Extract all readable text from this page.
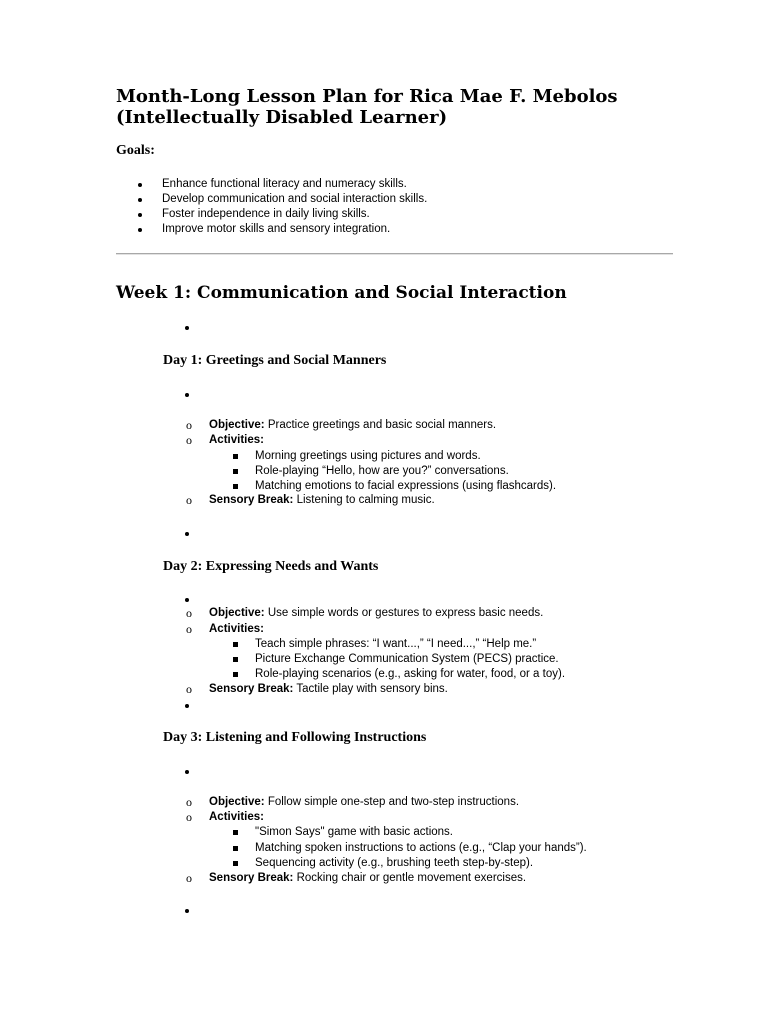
Month-Long Lesson Plan for Rica Mae F. Mebolos (Intellectually Disabled Learner)
Goals:
Enhance functional literacy and numeracy skills.
Develop communication and social interaction skills.
Foster independence in daily living skills.
Improve motor skills and sensory integration.
Week 1: Communication and Social Interaction
Day 1: Greetings and Social Manners
o Objective: Practice greetings and basic social manners.
o Activities:
Morning greetings using pictures and words.
Role-playing “Hello, how are you?” conversations.
Matching emotions to facial expressions (using flashcards).
o Sensory Break: Listening to calming music.
Day 2: Expressing Needs and Wants
o Objective: Use simple words or gestures to express basic needs.
o Activities:
Teach simple phrases: “I want...,” “I need...,” “Help me.”
Picture Exchange Communication System (PECS) practice.
Role-playing scenarios (e.g., asking for water, food, or a toy).
o Sensory Break: Tactile play with sensory bins.
Day 3: Listening and Following Instructions
o Objective: Follow simple one-step and two-step instructions.
o Activities:
"Simon Says" game with basic actions.
Matching spoken instructions to actions (e.g., “Clap your hands”).
Sequencing activity (e.g., brushing teeth step-by-step).
o Sensory Break: Rocking chair or gentle movement exercises.
